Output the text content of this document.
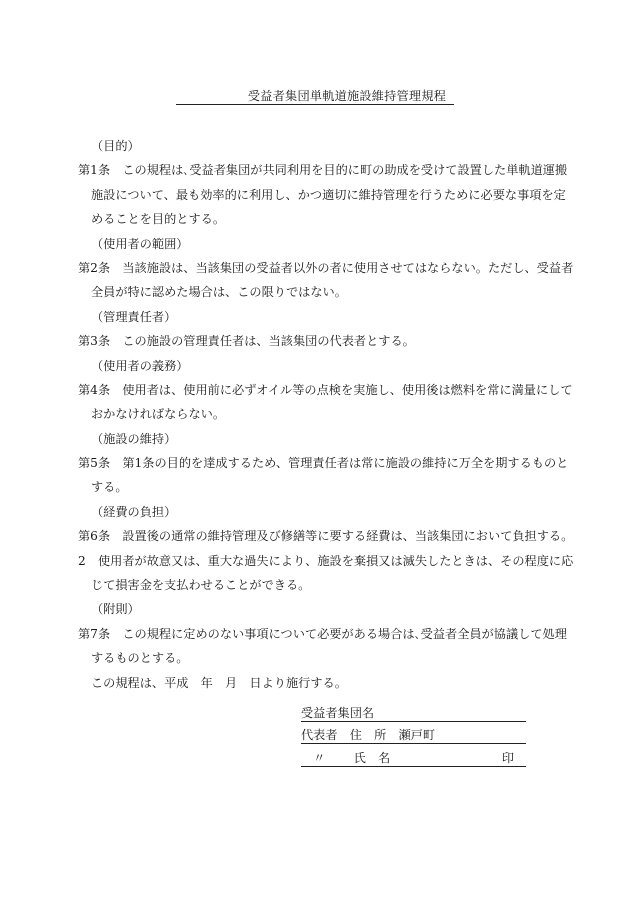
受益者集団単軌道施設維持管理規程
（目的）
第1条　この規程は､受益者集団が共同利用を目的に町の助成を受けて設置した単軌道運搬
施設について、最も効率的に利用し、かつ適切に維持管理を行うために必要な事項を定
めることを目的とする。
（使用者の範囲）
第2条　当該施設は、当該集団の受益者以外の者に使用させてはならない。ただし、受益者
全員が特に認めた場合は、この限りではない。
（管理責任者）
第3条　この施設の管理責任者は、当該集団の代表者とする。
（使用者の義務）
第4条　使用者は、使用前に必ずオイル等の点検を実施し、使用後は燃料を常に満量にして
おかなければならない。
（施設の維持）
第5条　第1条の目的を達成するため、管理責任者は常に施設の維持に万全を期するものと
する。
（経費の負担）
第6条　設置後の通常の維持管理及び修繕等に要する経費は、当該集団において負担する。
2　使用者が故意又は、重大な過失により、施設を棄損又は滅失したときは、その程度に応
じて損害金を支払わせることができる。
（附則）
第7条　この規程に定めのない事項について必要がある場合は､受益者全員が協議して処理
するものとする。
この規程は、平成　年　月　日より施行する。
受益者集団名
代表者　住　所　瀬戸町
　〃　　 氏　名	印
